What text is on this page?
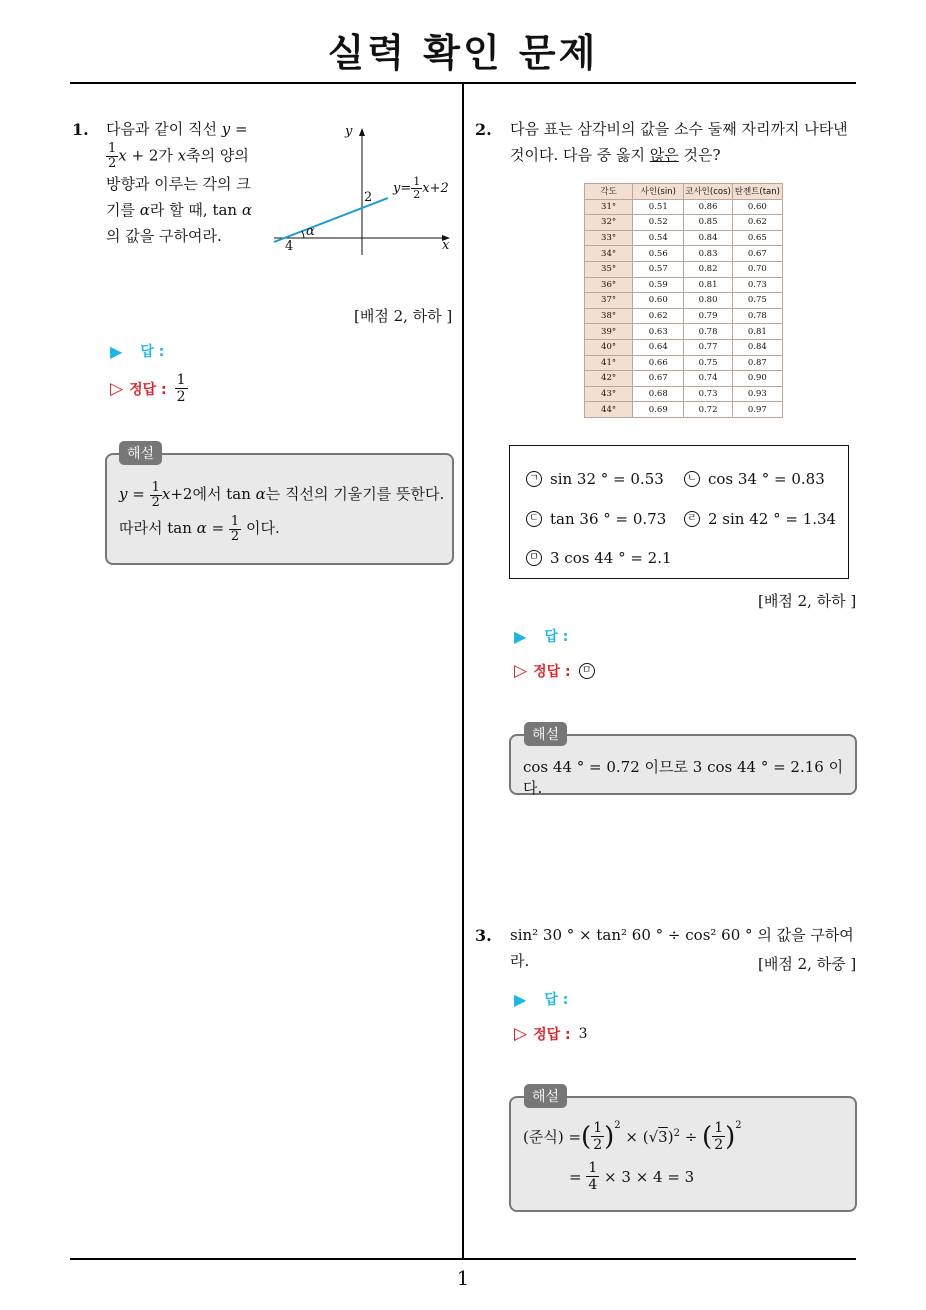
실력 확인 문제
1
1. 다음과 같이 직선 y =

$\frac{1}{2}$ x + 2가 x축의 양의 방향과 이루는 각의 크기를 α라 할 때, tan α의 값을 구하여라.
y
x
2
4
α
$y= \frac{1}{2} x+2$
[배점 2, 하하 ]
▶ 답 :
▷ 정답 : $\frac{1}{2}$
$y = \frac{1}{2} x+2$에서 tan α는 직선의 기울기를 뜻한다.
따라서 $\tan \alpha = \frac{1}{2}$ 이다.
해설
2. 다음 표는 삼각비의 값을 소수 둘째 자리까지 나타낸 것이다. 다음 중 옳지 않은 것은?
각도	사인(sin)	코사인(cos)	탄젠트(tan)
31°	0.51	0.86	0.60
32°	0.52	0.85	0.62
33°	0.54	0.84	0.65
34°	0.56	0.83	0.67
35°	0.57	0.82	0.70
36°	0.59	0.81	0.73
37°	0.60	0.80	0.75
38°	0.62	0.79	0.78
39°	0.63	0.78	0.81
40°	0.64	0.77	0.84
41°	0.66	0.75	0.87
42°	0.67	0.74	0.90
43°	0.68	0.73	0.93
44°	0.69	0.72	0.97
ㄱ sin 32 ° = 0.53	ㄴ cos 34 ° = 0.83
ㄷ tan 36 ° = 0.73	ㄹ 2 sin 42 ° = 1.34
ㅁ 3 cos 44 ° = 2.1
[배점 2, 하하 ]
▶ 답 :
▷ 정답 :	ㅁ
cos 44 ° = 0.72 이므로 3 cos 44 ° = 2.16 이다.
해설
3. sin² 30 ° × tan² 60 ° ÷ cos² 60 ° 의 값을 구하여라.	[배점 2, 하중 ]
▶ 답 :
▷ 정답 : 3
(준식) = ( $\frac{1}{2} )^2$
× $(√3)^2$ ÷ ( $\frac{1}{2} )^2$
= $\frac{1}{4}$
× 3 × 4 = 3
해설
